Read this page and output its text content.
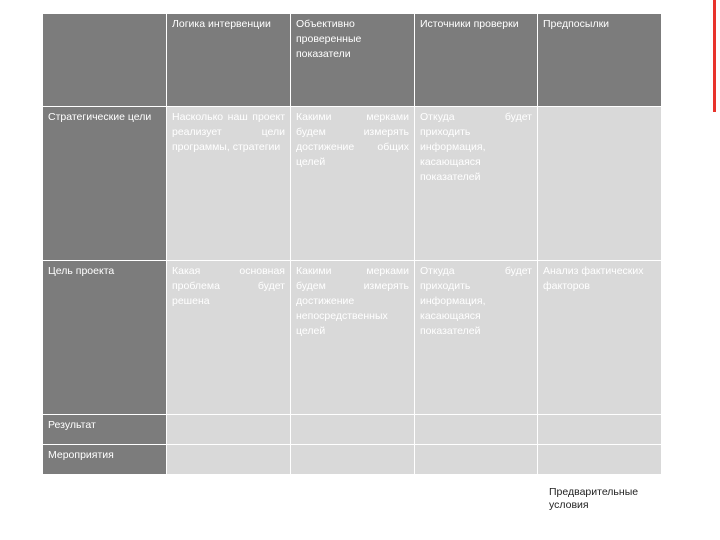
	Логика интервенции	Объективно проверенные показатели	Источники проверки	Предпосылки
Стратегические цели	Насколько наш проект реализует цели программы, стратегии	Какими мерками будем измерять достижение общих целей	Откуда будет приходить информация, касающаяся показателей	
Цель проекта	Какая основная проблема будет решена	Какими мерками будем измерять достижение непосредственных целей	Откуда будет приходить информация, касающаяся показателей	Анализ фактических факторов
Результат				
Мероприятия				
Предварительные условия
